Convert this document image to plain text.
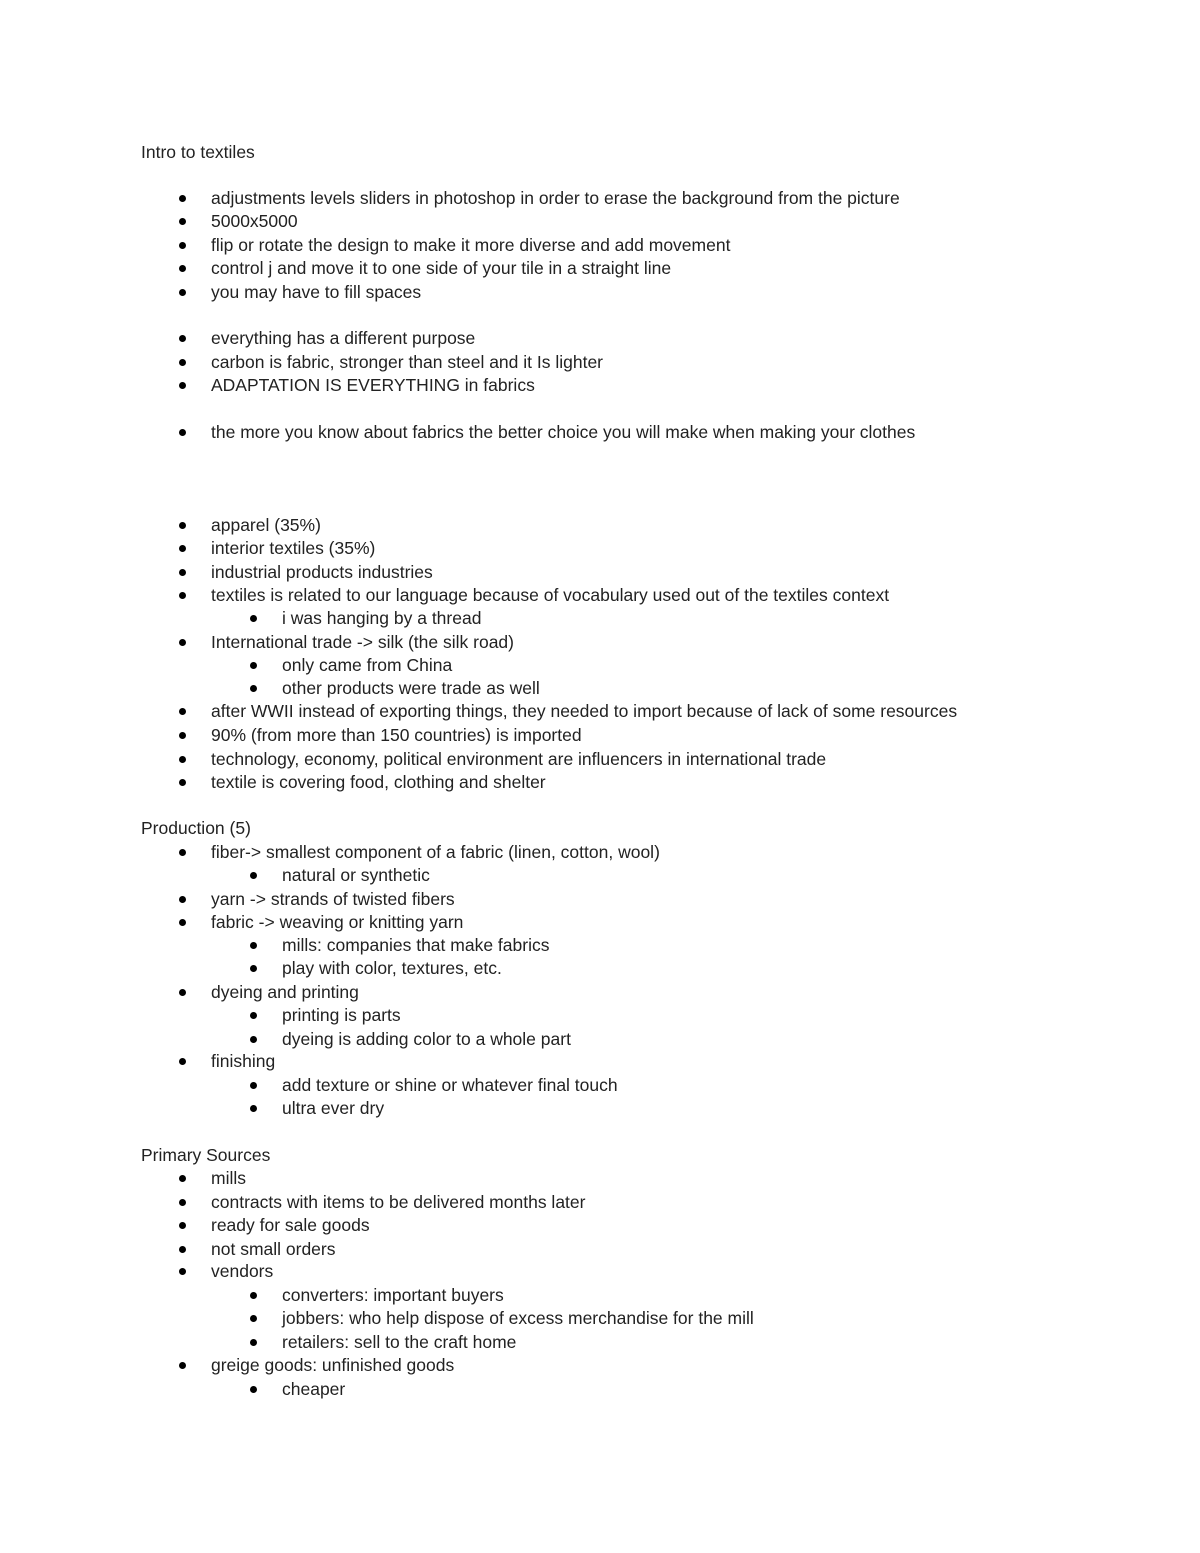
Intro to textiles

adjustments levels sliders in photoshop in order to erase the background from the picture
5000x5000
flip or rotate the design to make it more diverse and add movement
control j and move it to one side of your tile in a straight line
you may have to fill spaces
everything has a different purpose
carbon is fabric, stronger than steel and it Is lighter
ADAPTATION IS EVERYTHING in fabrics
the more you know about fabrics the better choice you will make when making your clothes
apparel (35%)
interior textiles (35%)
industrial products industries
textiles is related to our language because of vocabulary used out of the textiles context
i was hanging by a thread
International trade -> silk (the silk road)
only came from China
other products were trade as well
after WWII instead of exporting things, they needed to import because of lack of some resources
90% (from more than 150 countries) is imported
technology, economy, political environment are influencers in international trade
textile is covering food, clothing and shelter

Production (5)

fiber-> smallest component of a fabric (linen, cotton, wool)
natural or synthetic
yarn -> strands of twisted fibers
fabric -> weaving or knitting yarn
mills: companies that make fabrics
play with color, textures, etc.
dyeing and printing
printing is parts
dyeing is adding color to a whole part
finishing
add texture or shine or whatever final touch
ultra ever dry

Primary Sources

mills
contracts with items to be delivered months later
ready for sale goods
not small orders
vendors
converters: important buyers
jobbers: who help dispose of excess merchandise for the mill
retailers: sell to the craft home
greige goods: unfinished goods
cheaper
